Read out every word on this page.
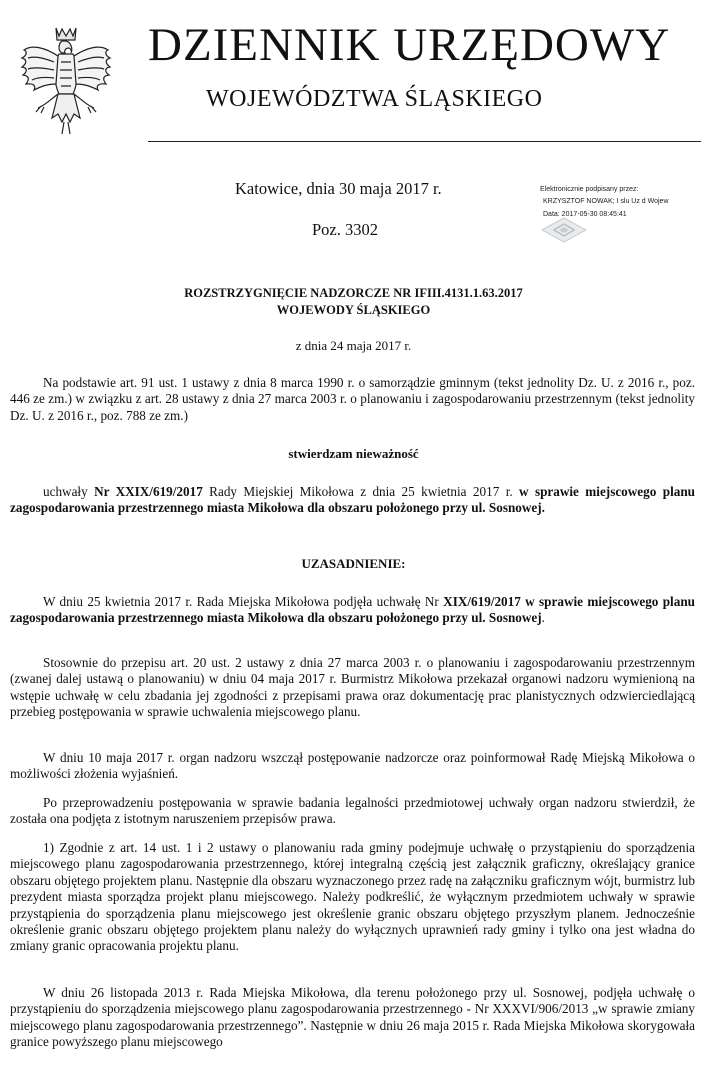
DZIENNIK URZĘDOWY
WOJEWÓDZTWA ŚLĄSKIEGO
Katowice, dnia 30 maja 2017 r.
Poz. 3302
Elektronicznie podpisany przez:
KRZYSZTOF NOWAK; I slu Uz d Wojew
Data: 2017-05-30 08:45:41
ROZSTRZYGNIĘCIE NADZORCZE NR IFIII.4131.1.63.2017
WOJEWODY ŚLĄSKIEGO
z dnia 24 maja 2017 r.
Na podstawie art. 91 ust. 1 ustawy z dnia 8 marca 1990 r. o samorządzie gminnym (tekst jednolity Dz. U. z 2016 r., poz. 446 ze zm.) w związku z art. 28 ustawy z dnia 27 marca 2003 r. o planowaniu i zagospodarowaniu przestrzennym (tekst jednolity Dz. U. z 2016 r., poz. 788 ze zm.)
stwierdzam nieważność
uchwały Nr XXIX/619/2017 Rady Miejskiej Mikołowa z dnia 25 kwietnia 2017 r. w sprawie miejscowego planu zagospodarowania przestrzennego miasta Mikołowa dla obszaru położonego przy ul. Sosnowej.
UZASADNIENIE:
W dniu 25 kwietnia 2017 r. Rada Miejska Mikołowa podjęła uchwałę Nr XIX/619/2017 w sprawie miejscowego planu zagospodarowania przestrzennego miasta Mikołowa dla obszaru położonego przy ul. Sosnowej.
Stosownie do przepisu art. 20 ust. 2 ustawy z dnia 27 marca 2003 r. o planowaniu i zagospodarowaniu przestrzennym (zwanej dalej ustawą o planowaniu) w dniu 04 maja 2017 r. Burmistrz Mikołowa przekazał organowi nadzoru wymienioną na wstępie uchwałę w celu zbadania jej zgodności z przepisami prawa oraz dokumentację prac planistycznych odzwierciedlającą przebieg postępowania w sprawie uchwalenia miejscowego planu.
W dniu 10 maja 2017 r. organ nadzoru wszczął postępowanie nadzorcze oraz poinformował Radę Miejską Mikołowa o możliwości złożenia wyjaśnień.
Po przeprowadzeniu postępowania w sprawie badania legalności przedmiotowej uchwały organ nadzoru stwierdził, że została ona podjęta z istotnym naruszeniem przepisów prawa.
1) Zgodnie z art. 14 ust. 1 i 2 ustawy o planowaniu rada gminy podejmuje uchwałę o przystąpieniu do sporządzenia miejscowego planu zagospodarowania przestrzennego, której integralną częścią jest załącznik graficzny, określający granice obszaru objętego projektem planu. Następnie dla obszaru wyznaczonego przez radę na załączniku graficznym wójt, burmistrz lub prezydent miasta sporządza projekt planu miejscowego. Należy podkreślić, że wyłącznym przedmiotem uchwały w sprawie przystąpienia do sporządzenia planu miejscowego jest określenie granic obszaru objętego przyszłym planem. Jednocześnie określenie granic obszaru objętego projektem planu należy do wyłącznych uprawnień rady gminy i tylko ona jest władna do zmiany granic opracowania projektu planu.
W dniu 26 listopada 2013 r. Rada Miejska Mikołowa, dla terenu położonego przy ul. Sosnowej, podjęła uchwałę o przystąpieniu do sporządzenia miejscowego planu zagospodarowania przestrzennego - Nr XXXVI/906/2013 „w sprawie zmiany miejscowego planu zagospodarowania przestrzennego”. Następnie w dniu 26 maja 2015 r. Rada Miejska Mikołowa skorygowała granice powyższego planu miejscowego
